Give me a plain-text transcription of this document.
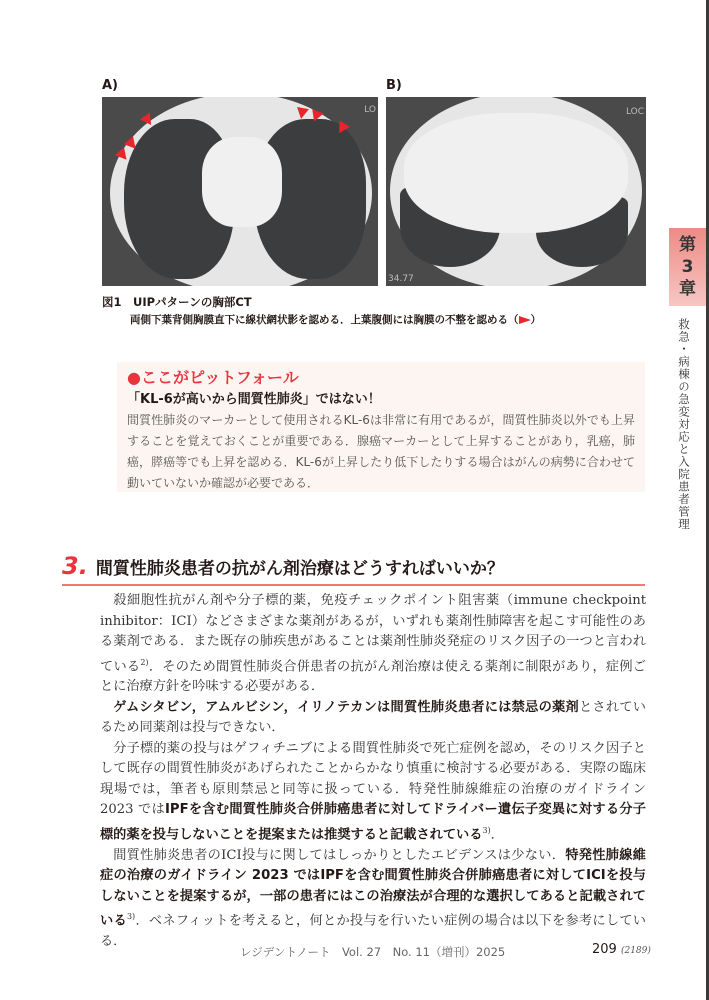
A)	B)
LO	LOC
34.77
図1　UIPパターンの胸部CT
両側下葉背側胸膜直下に線状網状影を認める．上葉腹側には胸膜の不整を認める（ ）
●ここがピットフォール
「KL-6が高いから間質性肺炎」ではない！
間質性肺炎のマーカーとして使用されるKL-6は非常に有用であるが，間質性肺炎以外でも上昇することを覚えておくことが重要である．腺癌マーカーとして上昇することがあり，乳癌，肺癌，膵癌等でも上昇を認める．KL-6が上昇したり低下したりする場合はがんの病勢に合わせて動いていないか確認が必要である．
3. 間質性肺炎患者の抗がん剤治療はどうすればいいか？

殺細胞性抗がん剤や分子標的薬，免疫チェックポイント阻害薬（immune checkpoint inhibitor：ICI）などさまざまな薬剤があるが，いずれも薬剤性肺障害を起こす可能性のある薬剤である．また既存の肺疾患があることは薬剤性肺炎発症のリスク因子の一つと言われている$^{2)}$．そのため間質性肺炎合併患者の抗がん剤治療は使える薬剤に制限があり，症例ごとに治療方針を吟味する必要がある．

ゲムシタビン，アムルビシン，イリノテカンは間質性肺炎患者には禁忌の薬剤とされているため同薬剤は投与できない．

分子標的薬の投与はゲフィチニブによる間質性肺炎で死亡症例を認め，そのリスク因子として既存の間質性肺炎があげられたことからかなり慎重に検討する必要がある．実際の臨床現場では，筆者も原則禁忌と同等に扱っている．特発性肺線維症の治療のガイドライン 2023 ではIPFを含む間質性肺炎合併肺癌患者に対してドライバー遺伝子変異に対する分子標的薬を投与しないことを提案または推奨すると記載されている$^{3)}$．

間質性肺炎患者のICI投与に関してはしっかりとしたエビデンスは少ない．特発性肺線維症の治療のガイドライン 2023 ではIPFを含む間質性肺炎合併肺癌患者に対してICIを投与しないことを提案するが，一部の患者にはこの治療法が合理的な選択してあると記載されている$^{3)}$．ベネフィットを考えると，何とか投与を行いたい症例の場合は以下を参考にしている．

レジデントノート　Vol. 27　No. 11（増刊）2025	209 (2189)
第
3
章
救急・病棟の急変対応と入院患者管理
